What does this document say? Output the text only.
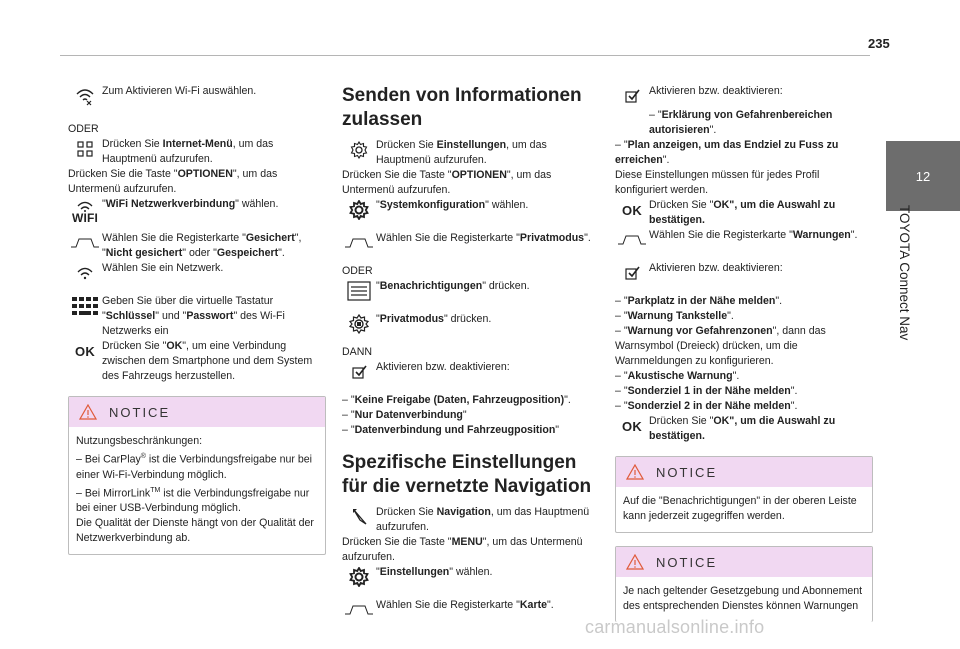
235
12
TOYOTA Connect Nav
Zum Aktivieren Wi-Fi auswählen.
ODER
Drücken Sie Internet-Menü, um das Hauptmenü aufzurufen.
Drücken Sie die Taste "OPTIONEN", um das Untermenü aufzurufen.
WIFI
"WiFi Netzwerkverbindung" wählen.
Wählen Sie die Registerkarte "Gesichert", "Nicht gesichert" oder "Gespeichert".
Wählen Sie ein Netzwerk.
Geben Sie über die virtuelle Tastatur "Schlüssel" und "Passwort" des Wi-Fi Netzwerks ein
OK Drücken Sie "OK", um eine Verbindung zwischen dem Smartphone und dem System des Fahrzeugs herzustellen.
NOTICE
Nutzungsbeschränkungen:
– Bei CarPlay® ist die Verbindungsfreigabe nur bei einer Wi-Fi-Verbindung möglich.
– Bei MirrorLink™ ist die Verbindungsfreigabe nur bei einer USB-Verbindung möglich.
Die Qualität der Dienste hängt von der Qualität der Netzwerkverbindung ab.
Senden von Informationen zulassen
Drücken Sie Einstellungen, um das Hauptmenü aufzurufen.
Drücken Sie die Taste "OPTIONEN", um das Untermenü aufzurufen.
"Systemkonfiguration" wählen.
Wählen Sie die Registerkarte "Privatmodus".
ODER
"Benachrichtigungen" drücken.
"Privatmodus" drücken.
DANN
Aktivieren bzw. deaktivieren:
– "Keine Freigabe (Daten, Fahrzeugposition)".
– "Nur Datenverbindung"
– "Datenverbindung und Fahrzeugposition"
Spezifische Einstellungen für die vernetzte Navigation
Drücken Sie Navigation, um das Hauptmenü aufzurufen.
Drücken Sie die Taste "MENU", um das Untermenü aufzurufen.
"Einstellungen" wählen.
Wählen Sie die Registerkarte "Karte".
Aktivieren bzw. deaktivieren:
– "Erklärung von Gefahrenbereichen autorisieren".
– "Plan anzeigen, um das Endziel zu Fuss zu erreichen".
Diese Einstellungen müssen für jedes Profil konfiguriert werden.
OK Drücken Sie "OK", um die Auswahl zu bestätigen.
Wählen Sie die Registerkarte "Warnungen".
Aktivieren bzw. deaktivieren:
– "Parkplatz in der Nähe melden".
– "Warnung Tankstelle".
– "Warnung vor Gefahrenzonen", dann das Warnsymbol (Dreieck) drücken, um die Warnmeldungen zu konfigurieren.
– "Akustische Warnung".
– "Sonderziel 1 in der Nähe melden".
– "Sonderziel 2 in der Nähe melden".
OK Drücken Sie "OK", um die Auswahl zu bestätigen.
NOTICE
Auf die "Benachrichtigungen" in der oberen Leiste kann jederzeit zugegriffen werden.
NOTICE
Je nach geltender Gesetzgebung und Abonnement des entsprechenden Dienstes können Warnungen
carmanualsonline.info
